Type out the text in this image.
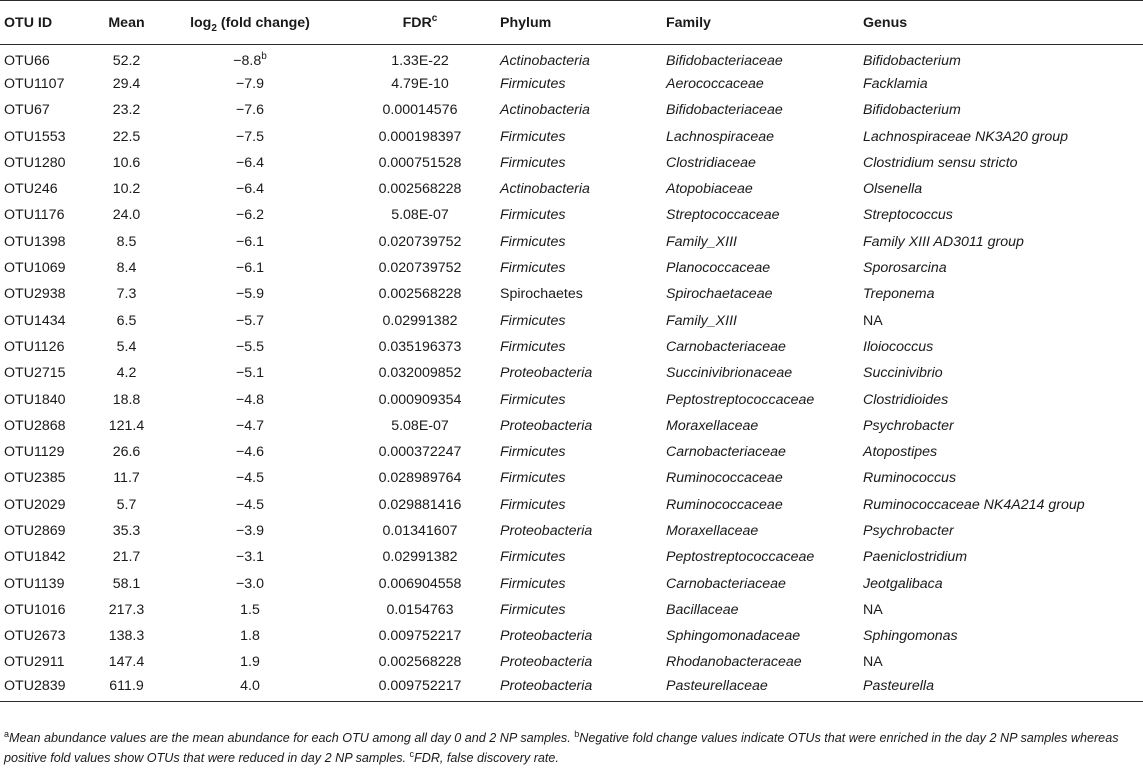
OTU ID	Mean	$\log_2$ (fold change)	FDR$^c$	Phylum	Family	Genus
OTU66	52.2	−8.8$^b$	1.33E-22	Actinobacteria	Bifidobacteriaceae	Bifidobacterium
OTU1107	29.4	−7.9	4.79E-10	Firmicutes	Aerococcaceae	Facklamia
OTU67	23.2	−7.6	0.00014576	Actinobacteria	Bifidobacteriaceae	Bifidobacterium
OTU1553	22.5	−7.5	0.000198397	Firmicutes	Lachnospiraceae	Lachnospiraceae NK3A20 group
OTU1280	10.6	−6.4	0.000751528	Firmicutes	Clostridiaceae	Clostridium sensu stricto
OTU246	10.2	−6.4	0.002568228	Actinobacteria	Atopobiaceae	Olsenella
OTU1176	24.0	−6.2	5.08E-07	Firmicutes	Streptococcaceae	Streptococcus
OTU1398	8.5	−6.1	0.020739752	Firmicutes	Family_XIII	Family XIII AD3011 group
OTU1069	8.4	−6.1	0.020739752	Firmicutes	Planococcaceae	Sporosarcina
OTU2938	7.3	−5.9	0.002568228	Spirochaetes	Spirochaetaceae	Treponema
OTU1434	6.5	−5.7	0.02991382	Firmicutes	Family_XIII	NA
OTU1126	5.4	−5.5	0.035196373	Firmicutes	Carnobacteriaceae	Ilοiococcus
OTU2715	4.2	−5.1	0.032009852	Proteobacteria	Succinivibrionaceae	Succinivibrio
OTU1840	18.8	−4.8	0.000909354	Firmicutes	Peptostreptococcaceae	Clostridioides
OTU2868	121.4	−4.7	5.08E-07	Proteobacteria	Moraxellaceae	Psychrobacter
OTU1129	26.6	−4.6	0.000372247	Firmicutes	Carnobacteriaceae	Atopostipes
OTU2385	11.7	−4.5	0.028989764	Firmicutes	Ruminococcaceae	Ruminococcus
OTU2029	5.7	−4.5	0.029881416	Firmicutes	Ruminococcaceae	Ruminococcaceae NK4A214 group
OTU2869	35.3	−3.9	0.01341607	Proteobacteria	Moraxellaceae	Psychrobacter
OTU1842	21.7	−3.1	0.02991382	Firmicutes	Peptostreptococcaceae	Paeniclostridium
OTU1139	58.1	−3.0	0.006904558	Firmicutes	Carnobacteriaceae	Jeotgalibaca
OTU1016	217.3	1.5	0.0154763	Firmicutes	Bacillaceae	NA
OTU2673	138.3	1.8	0.009752217	Proteobacteria	Sphingomonadaceae	Sphingomonas
OTU2911	147.4	1.9	0.002568228	Proteobacteria	Rhodanobacteraceae	NA
OTU2839	611.9	4.0	0.009752217	Proteobacteria	Pasteurellaceae	Pasteurella
$^a$Mean abundance values are the mean abundance for each OTU among all day 0 and 2 NP samples. $^b$Negative fold change values indicate OTUs that were enriched in the day 2 NP samples whereas positive fold values show OTUs that were reduced in day 2 NP samples. $^c$FDR, false discovery rate.
